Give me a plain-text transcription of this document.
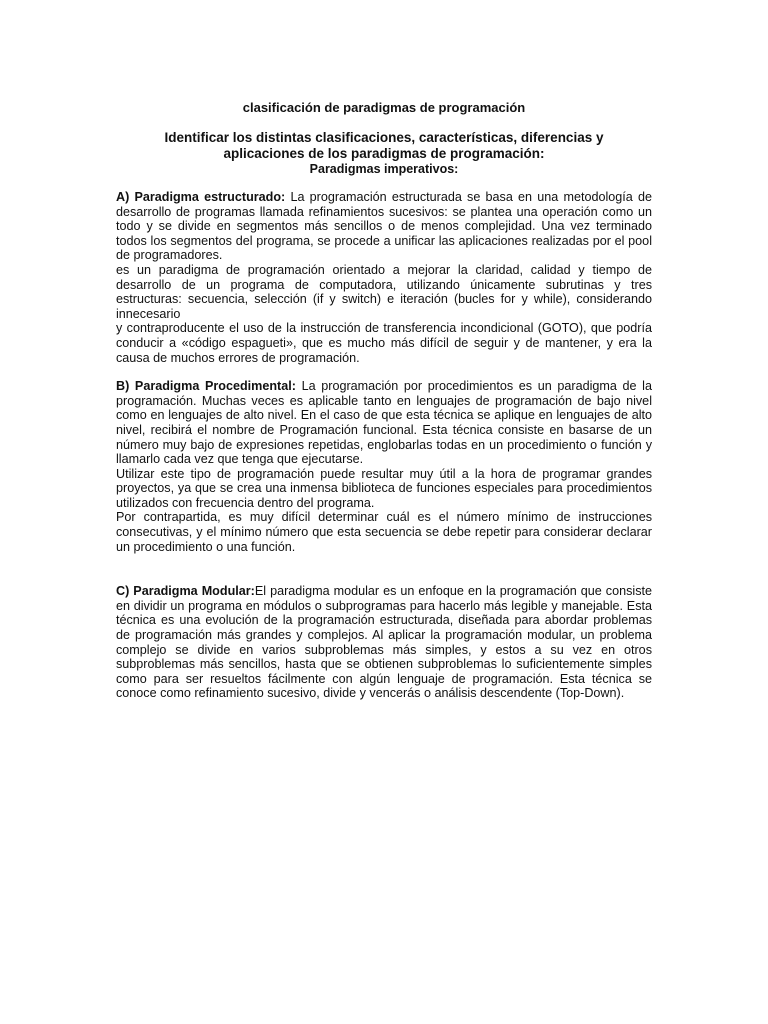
clasificación de paradigmas de programación

Identificar los distintas clasificaciones, características, diferencias y

aplicaciones de los paradigmas de programación:

Paradigmas imperativos:

A) Paradigma estructurado: La programación estructurada se basa en una metodología de desarrollo de programas llamada refinamientos sucesivos: se plantea una operación como un todo y se divide en segmentos más sencillos o de menos complejidad. Una vez terminado todos los segmentos del programa, se procede a unificar las aplicaciones realizadas por el pool de programadores.

es un paradigma de programación orientado a mejorar la claridad, calidad y tiempo de desarrollo de un programa de computadora, utilizando únicamente subrutinas y tres estructuras: secuencia, selección (if y switch) e iteración (bucles for y while), considerando innecesario

y contraproducente el uso de la instrucción de transferencia incondicional (GOTO), que podría conducir a «código espagueti», que es mucho más difícil de seguir y de mantener, y era la causa de muchos errores de programación.

B) Paradigma Procedimental: La programación por procedimientos es un paradigma de la programación. Muchas veces es aplicable tanto en lenguajes de programación de bajo nivel como en lenguajes de alto nivel. En el caso de que esta técnica se aplique en lenguajes de alto nivel, recibirá el nombre de Programación funcional. Esta técnica consiste en basarse de un número muy bajo de expresiones repetidas, englobarlas todas en un procedimiento o función y llamarlo cada vez que tenga que ejecutarse.

Utilizar este tipo de programación puede resultar muy útil a la hora de programar grandes proyectos, ya que se crea una inmensa biblioteca de funciones especiales para procedimientos utilizados con frecuencia dentro del programa.

Por contrapartida, es muy difícil determinar cuál es el número mínimo de instrucciones consecutivas, y el mínimo número que esta secuencia se debe repetir para considerar declarar un procedimiento o una función.

C) Paradigma Modular:El paradigma modular es un enfoque en la programación que consiste en dividir un programa en módulos o subprogramas para hacerlo más legible y manejable. Esta técnica es una evolución de la programación estructurada, diseñada para abordar problemas de programación más grandes y complejos. Al aplicar la programación modular, un problema complejo se divide en varios subproblemas más simples, y estos a su vez en otros subproblemas más sencillos, hasta que se obtienen subproblemas lo suficientemente simples como para ser resueltos fácilmente con algún lenguaje de programación. Esta técnica se conoce como refinamiento sucesivo, divide y vencerás o análisis descendente (Top-Down).
